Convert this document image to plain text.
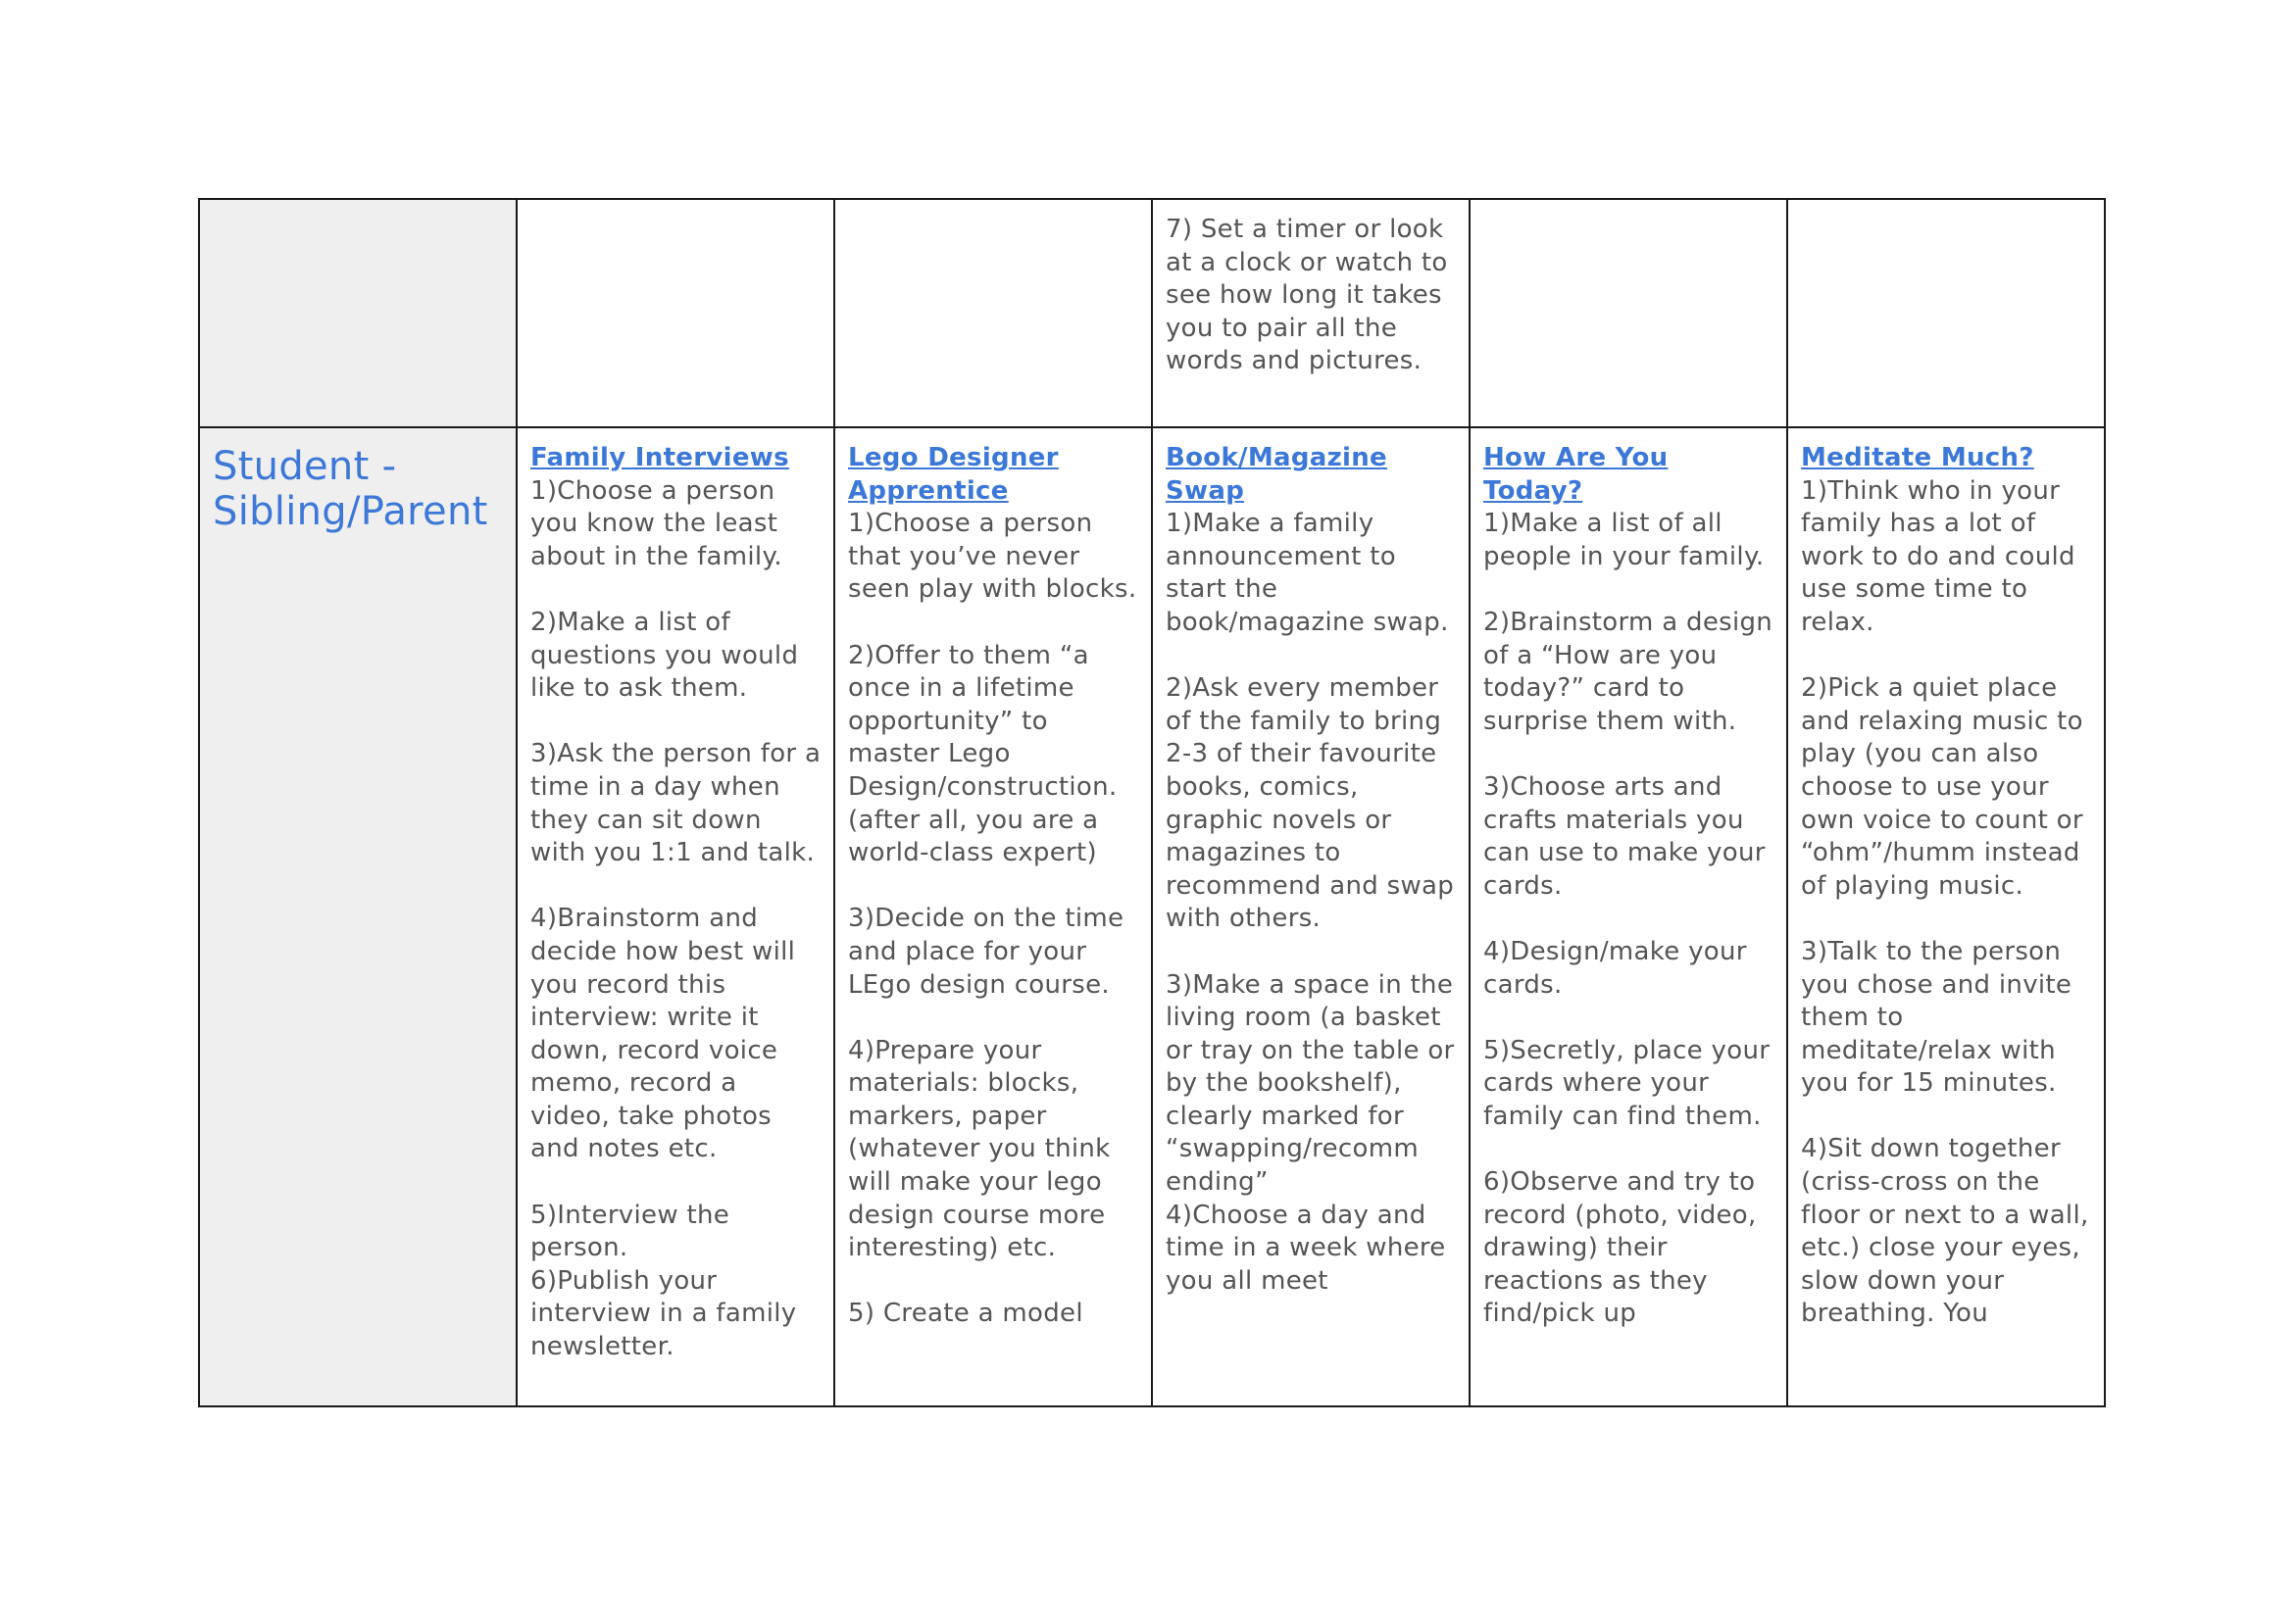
7) Set a timer or look at a clock or watch to see how long it takes you to pair all the words and pictures.

Student - Sibling/Parent

Family Interviews
1)Choose a person you know the least about in the family.

2)Make a list of questions you would like to ask them.

3)Ask the person for a time in a day when they can sit down with you 1:1 and talk.

4)Brainstorm and decide how best will you record this interview: write it down, record voice memo, record a video, take photos and notes etc.

5)Interview the person.
6)Publish your interview in a family newsletter.
Lego Designer Apprentice
1)Choose a person that you’ve never seen play with blocks.

2)Offer to them “a once in a lifetime opportunity” to master Lego Design/construction. (after all, you are a world-class expert)

3)Decide on the time and place for your LEgo design course.

4)Prepare your materials: blocks, markers, paper (whatever you think will make your lego design course more interesting) etc.

5) Create a model
Book/Magazine Swap
1)Make a family announcement to start the book/magazine swap.

2)Ask every member of the family to bring 2-3 of their favourite books, comics, graphic novels or magazines to recommend and swap with others.

3)Make a space in the living room (a basket or tray on the table or by the bookshelf), clearly marked for “swapping/recomm ending”
4)Choose a day and time in a week where you all meet
How Are You Today?
1)Make a list of all people in your family.

2)Brainstorm a design of a “How are you today?” card to surprise them with.

3)Choose arts and crafts materials you can use to make your cards.

4)Design/make your cards.

5)Secretly, place your cards where your family can find them.

6)Observe and try to record (photo, video, drawing) their reactions as they find/pick up
Meditate Much?
1)Think who in your family has a lot of work to do and could use some time to relax.

2)Pick a quiet place and relaxing music to play (you can also choose to use your own voice to count or “ohm”/humm instead of playing music.

3)Talk to the person you chose and invite them to meditate/relax with you for 15 minutes.

4)Sit down together (criss-cross on the floor or next to a wall, etc.) close your eyes, slow down your breathing. You
